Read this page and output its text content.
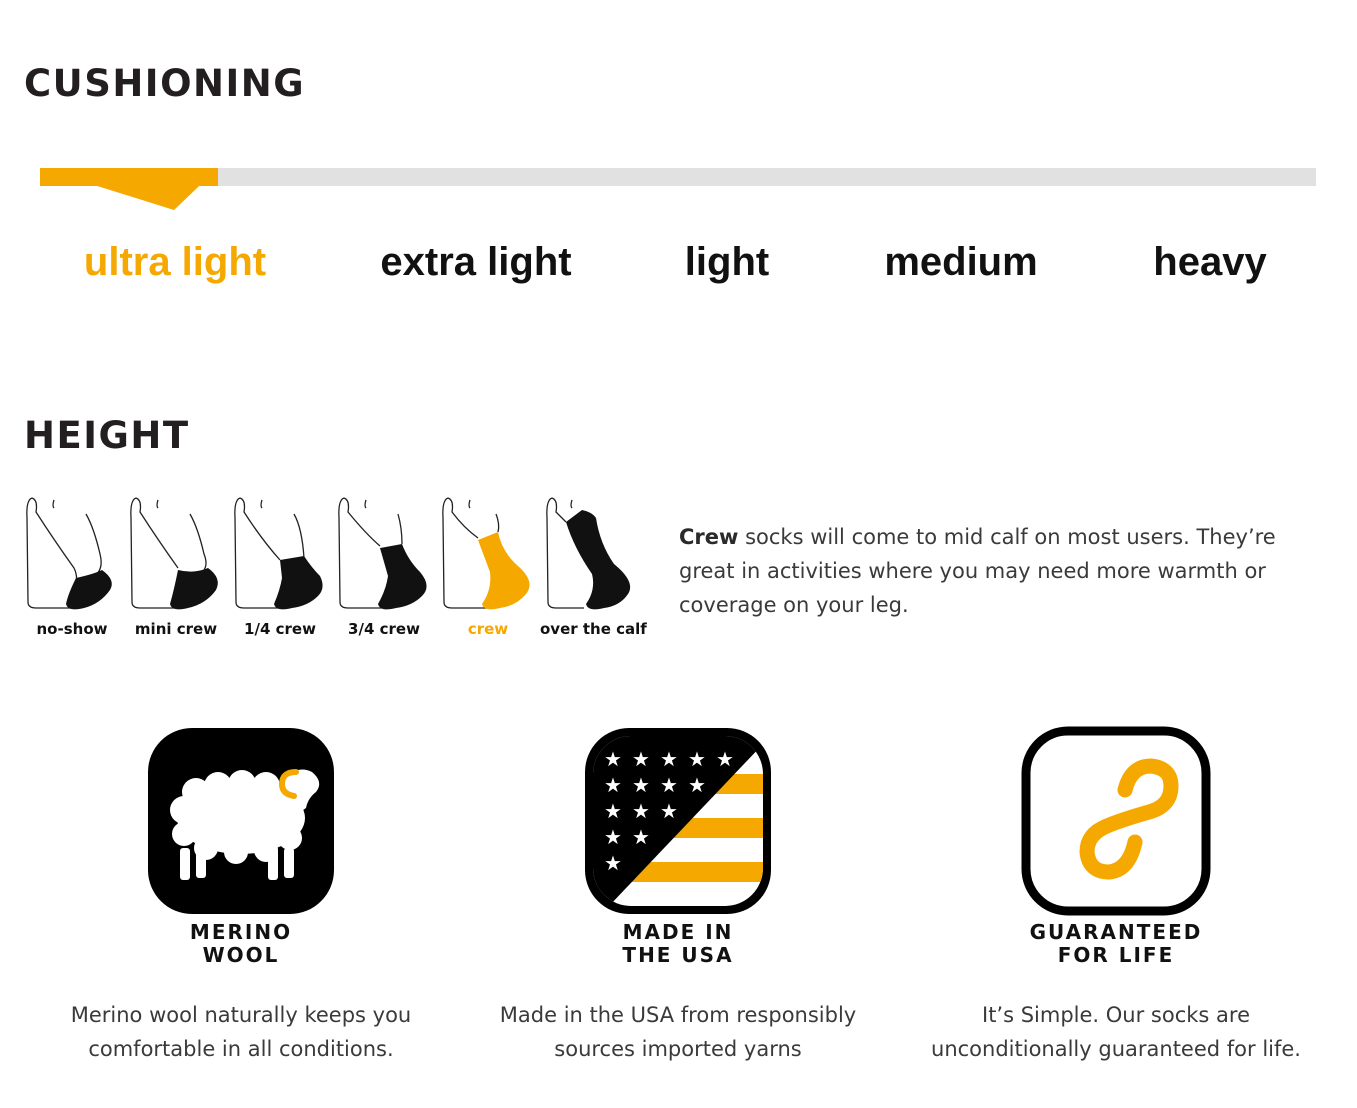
CUSHIONING
ultra light	extra light	light	medium	heavy
HEIGHT
no-show	mini crew	1/4 crew	3/4 crew	crew	over the calf

Crew socks will come to mid calf on most users. They’re great in activities where you may need more warmth or coverage on your leg.

MERINO
WOOL
Merino wool naturally keeps you
comfortable in all conditions.
★ ★ ★ ★ ★
★ ★ ★ ★
★ ★ ★
★ ★
★
MADE IN
THE USA
Made in the USA from responsibly
sources imported yarns
GUARANTEED
FOR LIFE
It’s Simple. Our socks are
unconditionally guaranteed for life.
